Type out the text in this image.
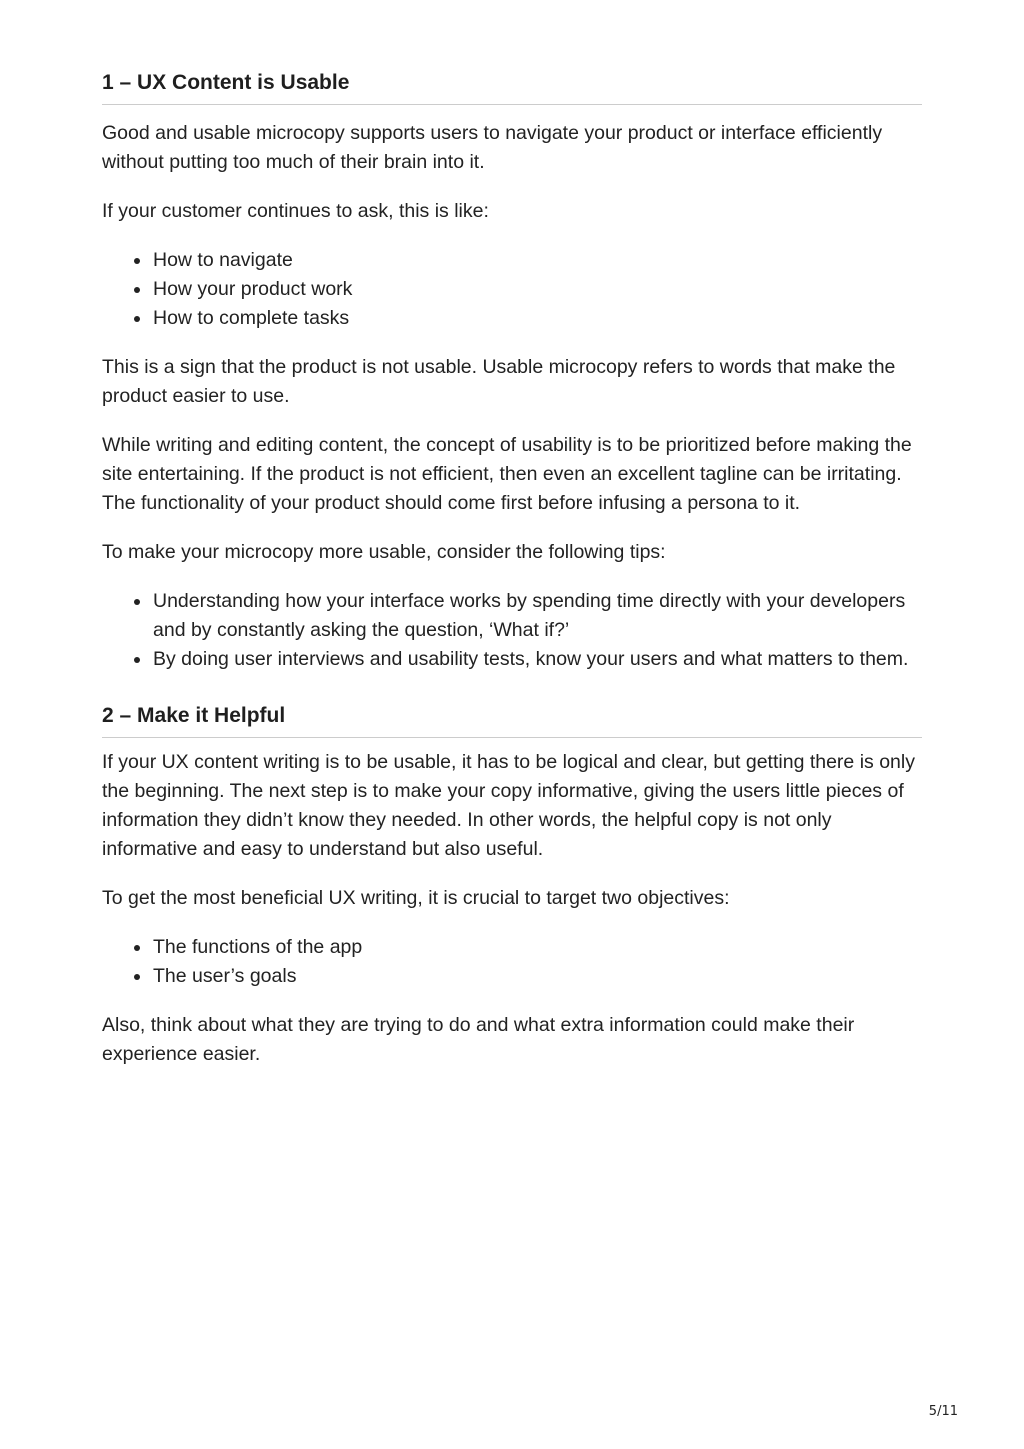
1 – UX Content is Usable

Good and usable microcopy supports users to navigate your product or interface efficiently without putting too much of their brain into it.

If your customer continues to ask, this is like:

How to navigate
How your product work
How to complete tasks

This is a sign that the product is not usable. Usable microcopy refers to words that make the product easier to use.

While writing and editing content, the concept of usability is to be prioritized before making the site entertaining. If the product is not efficient, then even an excellent tagline can be irritating. The functionality of your product should come first before infusing a persona to it.

To make your microcopy more usable, consider the following tips:

Understanding how your interface works by spending time directly with your developers and by constantly asking the question, ‘What if?’
By doing user interviews and usability tests, know your users and what matters to them.
2 – Make it Helpful

If your UX content writing is to be usable, it has to be logical and clear, but getting there is only the beginning. The next step is to make your copy informative, giving the users little pieces of information they didn’t know they needed. In other words, the helpful copy is not only informative and easy to understand but also useful.

To get the most beneficial UX writing, it is crucial to target two objectives:

The functions of the app
The user’s goals

Also, think about what they are trying to do and what extra information could make their experience easier.

5/11
